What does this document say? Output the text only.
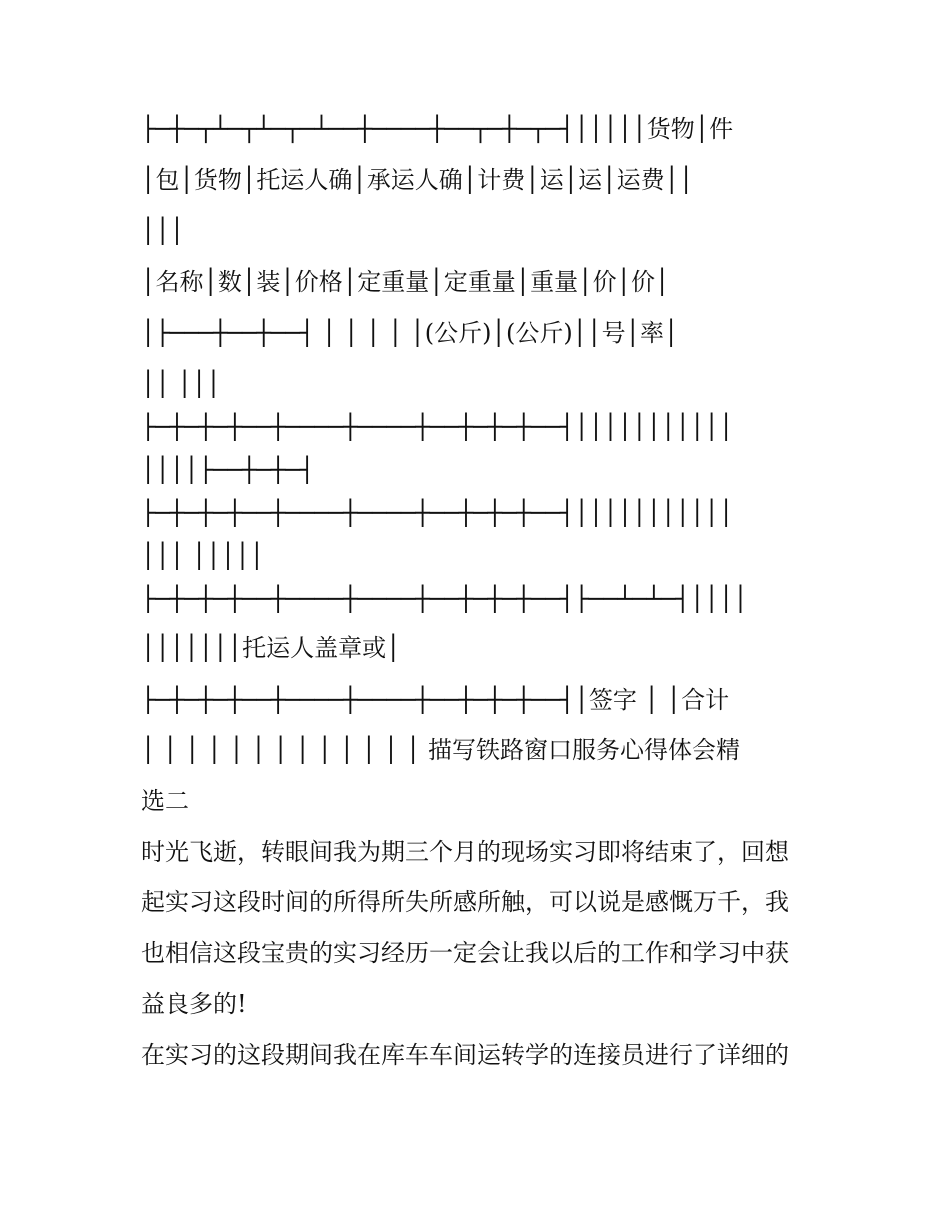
├─┼─┬┴─┬┴─┬─┴──┼────┼──┬─┼─┬─┤│││││货物│件
│包│货物│托运人确│承运人确│计费│运│运│运费││
│││
│名称│数│装│价格│定重量│定重量│重量│价│价│
│├───┼──┼──┤ │ │ │ │ │(公斤)│(公斤)││号│率│
││ │││
├─┼─┼─┼──┼────┼────┼──┼─┼─┼──┤│││││││││││
││││├──┼─┼─┤
├─┼─┼─┼──┼────┼────┼──┼─┼─┼──┤│││││││││││
│││ │││││
├─┼─┼─┼──┼────┼────┼──┼─┼─┼──┤├──┴─┴─┤││││
│││││││托运人盖章或│
├─┼─┼─┼──┼────┼────┼──┼─┼─┼──┤│签字 │ │合计
│ │ │ │ │ │ │ │ │ │ │ │ │ 描写铁路窗口服务心得体会精
选二
时光飞逝，转眼间我为期三个月的现场实习即将结束了，回想
起实习这段时间的所得所失所感所触，可以说是感慨万千，我
也相信这段宝贵的实习经历一定会让我以后的工作和学习中获
益良多的!
在实习的这段期间我在库车车间运转学的连接员进行了详细的
